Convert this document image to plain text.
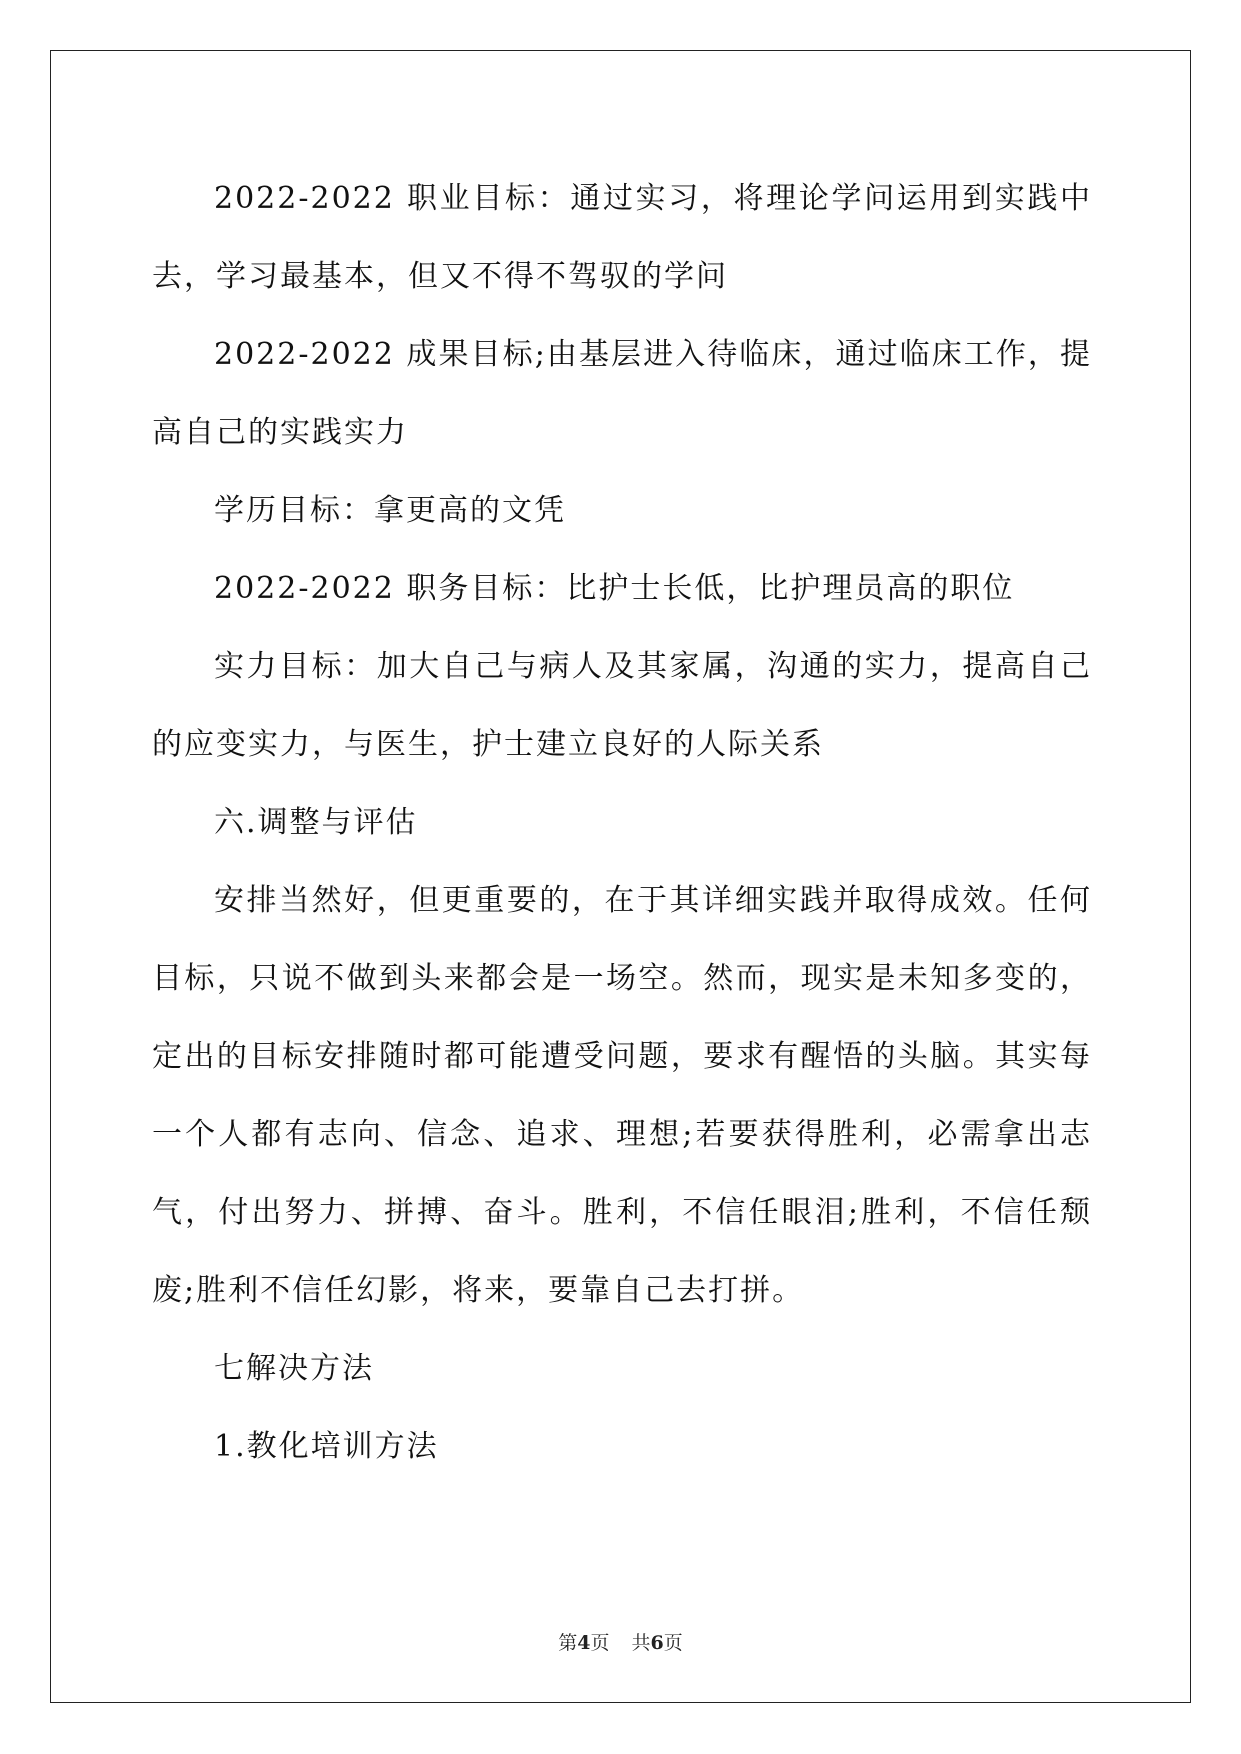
2022-2022 职业目标：通过实习，将理论学问运用到实践中去，学习最基本，但又不得不驾驭的学问

2022-2022 成果目标;由基层进入待临床，通过临床工作，提高自己的实践实力

学历目标：拿更高的文凭

2022-2022 职务目标：比护士长低，比护理员高的职位

实力目标：加大自己与病人及其家属，沟通的实力，提高自己的应变实力，与医生，护士建立良好的人际关系

六.调整与评估

安排当然好，但更重要的，在于其详细实践并取得成效。任何目标，只说不做到头来都会是一场空。然而，现实是未知多变的，定出的目标安排随时都可能遭受问题，要求有醒悟的头脑。其实每一个人都有志向、信念、追求、理想;若要获得胜利，必需拿出志气，付出努力、拼搏、奋斗。胜利，不信任眼泪;胜利，不信任颓废;胜利不信任幻影，将来，要靠自己去打拼。

七解决方法

1.教化培训方法

第4页 共6页
